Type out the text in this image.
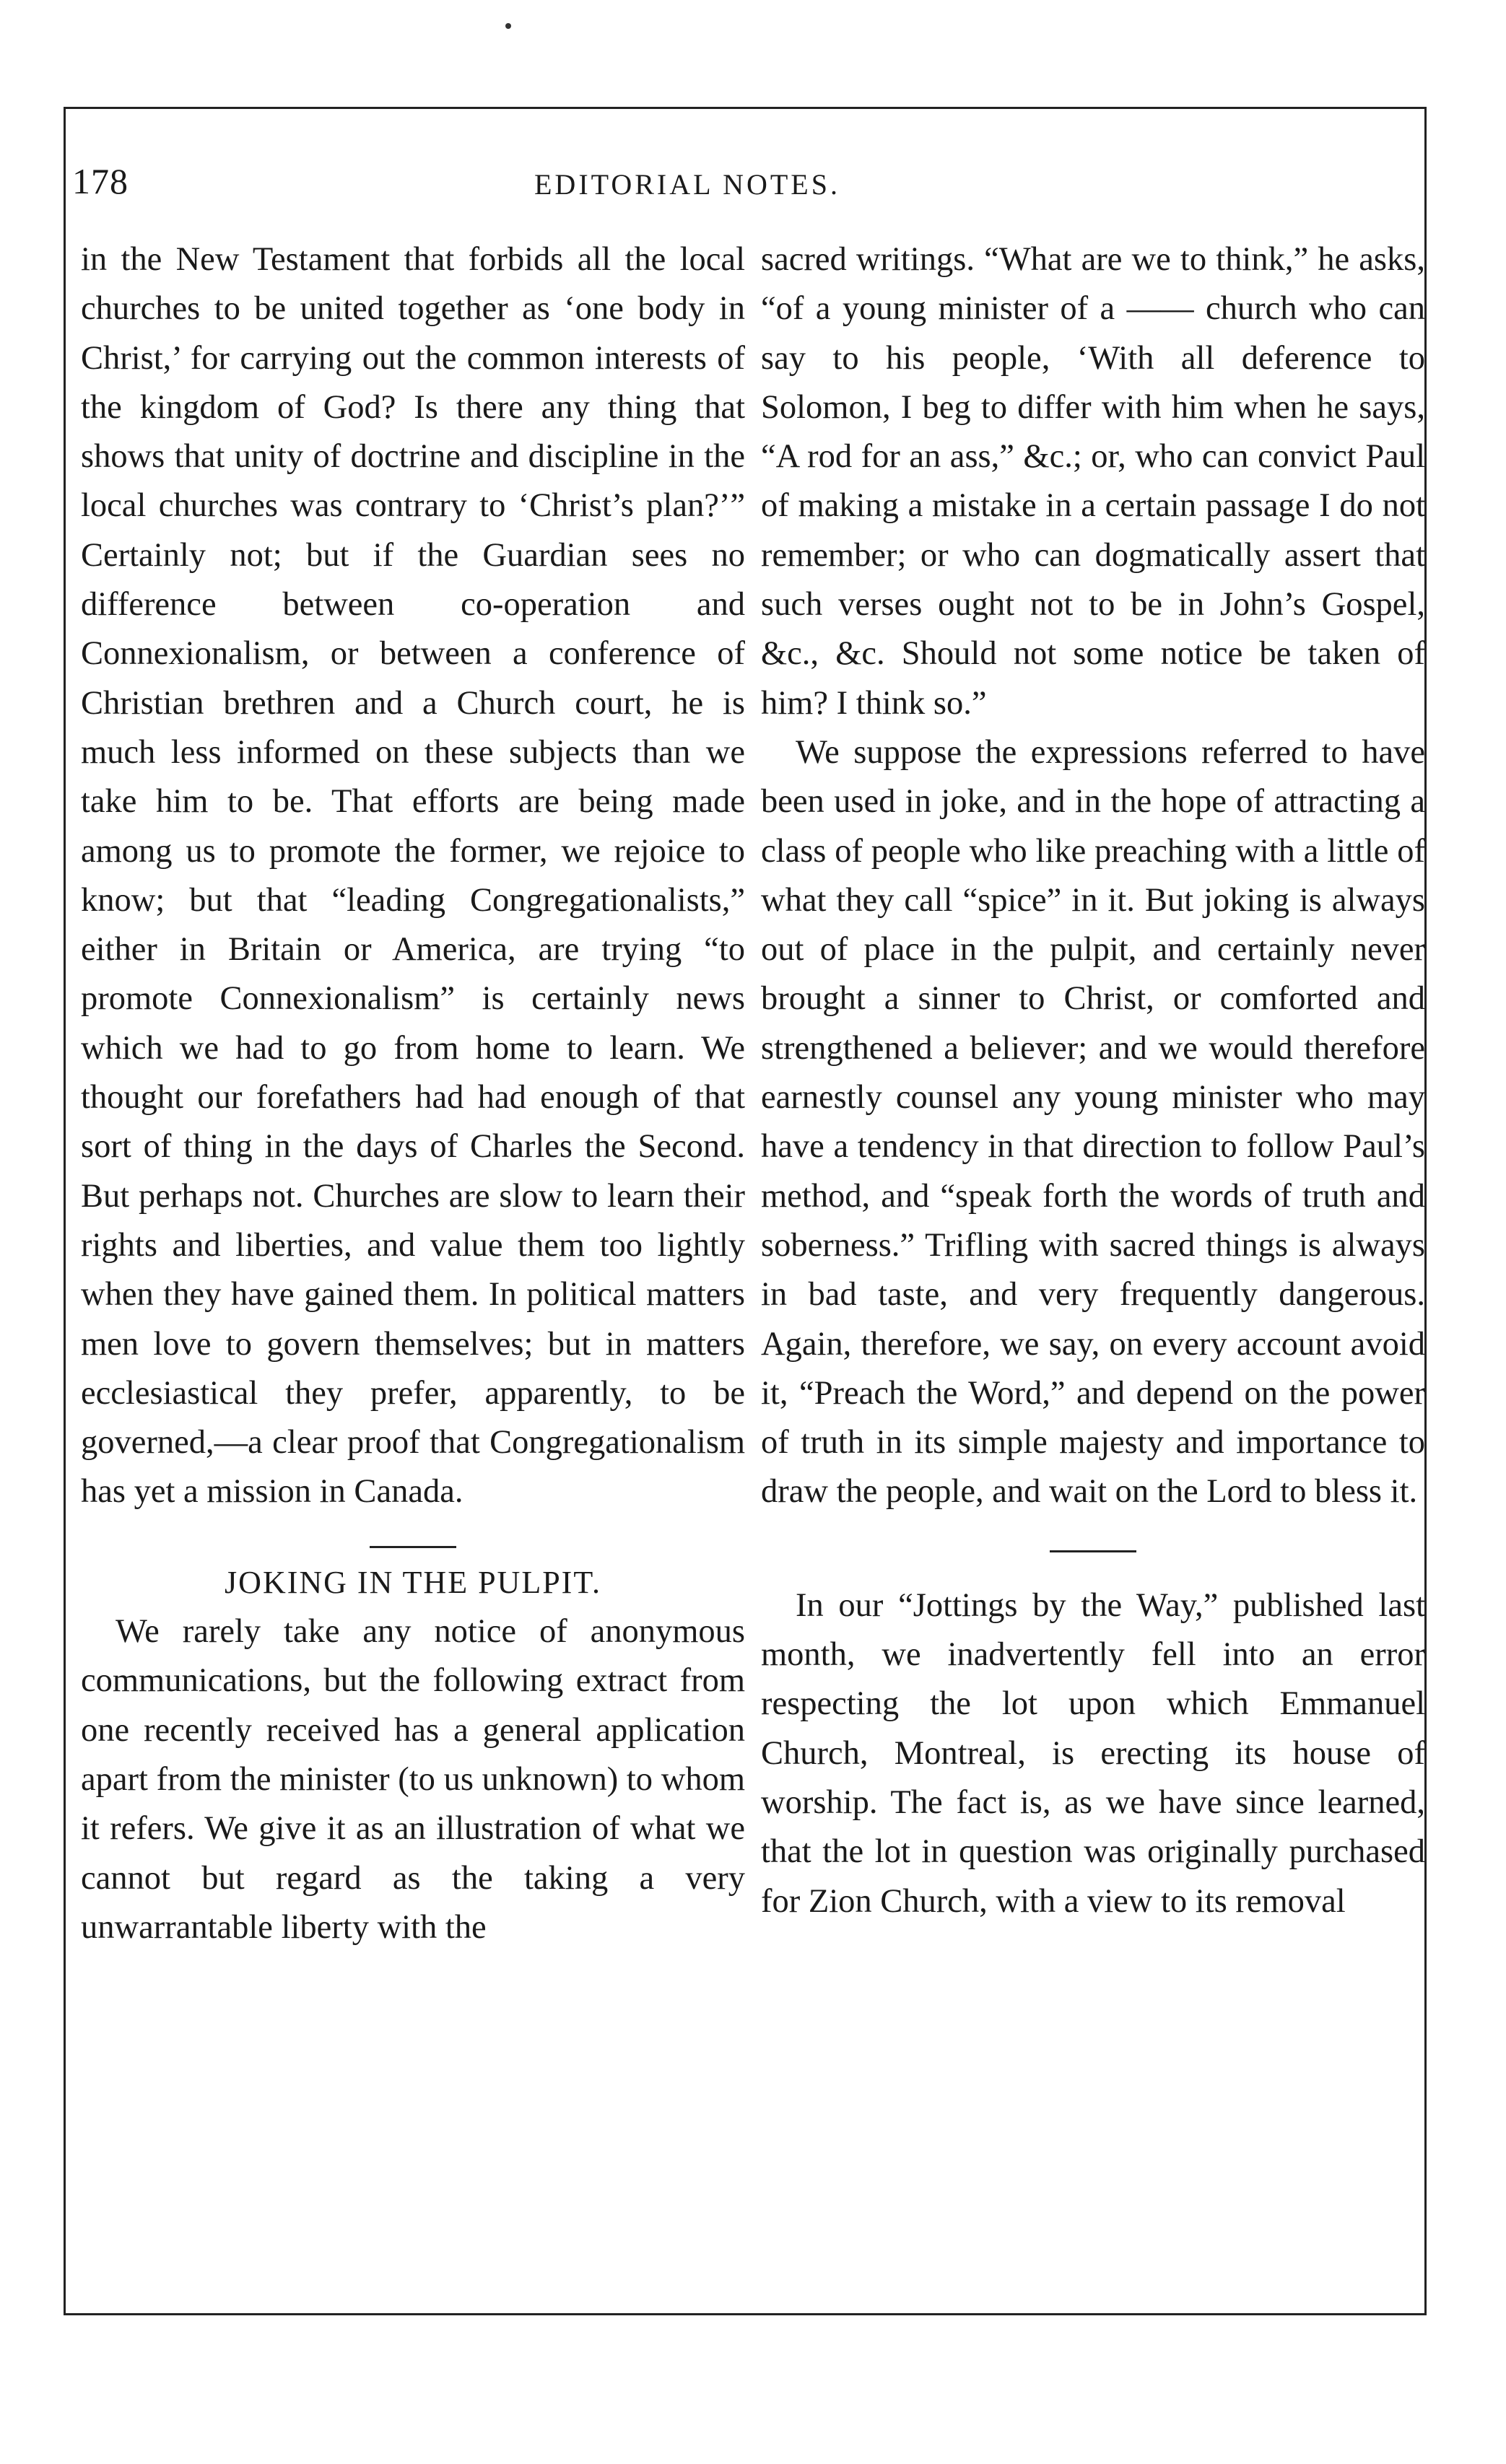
178	EDITORIAL NOTES.

in the New Testament that forbids all the local churches to be united together as ‘one body in Christ,’ for carrying out the common interests of the kingdom of God? Is there any thing that shows that unity of doctrine and discipline in the local churches was contrary to ‘Christ’s plan?’” Certainly not; but if the Guardian sees no difference between co-operation and Connexionalism, or between a conference of Christian brethren and a Church court, he is much less informed on these subjects than we take him to be. That efforts are being made among us to promote the former, we rejoice to know; but that “leading Congregationalists,” either in Britain or America, are trying “to promote Connexionalism” is certainly news which we had to go from home to learn. We thought our forefathers had had enough of that sort of thing in the days of Charles the Second. But perhaps not. Churches are slow to learn their rights and liberties, and value them too lightly when they have gained them. In political matters men love to govern themselves; but in matters ecclesiastical they prefer, apparently, to be governed,—a clear proof that Congregationalism has yet a mission in Canada.

JOKING IN THE PULPIT.

We rarely take any notice of anonymous communications, but the following extract from one recently received has a general application apart from the minister (to us unknown) to whom it refers. We give it as an illustration of what we cannot but regard as the taking a very unwarrantable liberty with the

sacred writings. “What are we to think,” he asks, “of a young minister of a —— church who can say to his people, ‘With all deference to Solomon, I beg to differ with him when he says, “A rod for an ass,” &c.; or, who can convict Paul of making a mistake in a certain passage I do not remember; or who can dogmatically assert that such verses ought not to be in John’s Gospel, &c., &c. Should not some notice be taken of him? I think so.”

We suppose the expressions referred to have been used in joke, and in the hope of attracting a class of people who like preaching with a little of what they call “spice” in it. But joking is always out of place in the pulpit, and certainly never brought a sinner to Christ, or comforted and strengthened a believer; and we would therefore earnestly counsel any young minister who may have a tendency in that direction to follow Paul’s method, and “speak forth the words of truth and soberness.” Trifling with sacred things is always in bad taste, and very frequently dangerous. Again, therefore, we say, on every account avoid it, “Preach the Word,” and depend on the power of truth in its simple majesty and importance to draw the people, and wait on the Lord to bless it.

In our “Jottings by the Way,” published last month, we inadvertently fell into an error respecting the lot upon which Emmanuel Church, Montreal, is erecting its house of worship. The fact is, as we have since learned, that the lot in question was originally purchased for Zion Church, with a view to its removal
